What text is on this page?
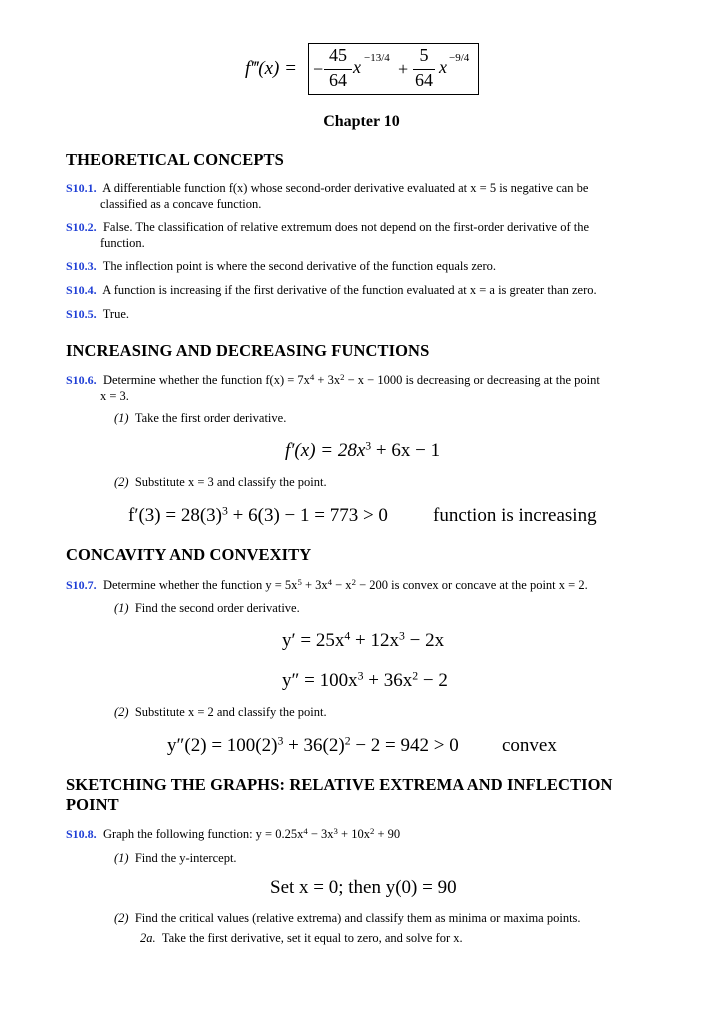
f‴(x) = −
45
64
x −13/4
+
5
64
x −9/4
Chapter 10
THEORETICAL CONCEPTS
S10.1. A differentiable function f(x) whose second-order derivative evaluated at x = 5 is negative can be
classified as a concave function.
S10.2. False. The classification of relative extremum does not depend on the first-order derivative of the
function.
S10.3. The inflection point is where the second derivative of the function equals zero.
S10.4. A function is increasing if the first derivative of the function evaluated at x = a is greater than zero.
S10.5. True.
INCREASING AND DECREASING FUNCTIONS
S10.6. Determine whether the function $f(x) = 7x^4 + 3x^2 - x - 1000$ is decreasing or decreasing at the point
x = 3.
(1) Take the first order derivative.
$f'(x) = 28x^3 + 6x - 1$
(2) Substitute x = 3 and classify the point.
$f'(3) = 28(3)^3 + 6(3) - 1 = 773 > 0$ function is increasing
CONCAVITY AND CONVEXITY
S10.7. Determine whether the function $y = 5x^5 + 3x^4 - x^2 - 200$ is convex or concave at the point x = 2.
(1) Find the second order derivative.
$y' = 25x^4 + 12x^3 - 2x$
$y'' = 100x^3 + 36x^2 - 2$
(2) Substitute x = 2 and classify the point.
$y''(2) = 100(2)^3 + 36(2)^2 - 2 = 942 > 0$ convex
SKETCHING THE GRAPHS: RELATIVE EXTREMA AND INFLECTION
POINT
S10.8. Graph the following function: $y = 0.25x^4 - 3x^3 + 10x^2 + 90$
(1) Find the y-intercept.
Set x = 0; then y(0) = 90
(2) Find the critical values (relative extrema) and classify them as minima or maxima points.
2a. Take the first derivative, set it equal to zero, and solve for x.
